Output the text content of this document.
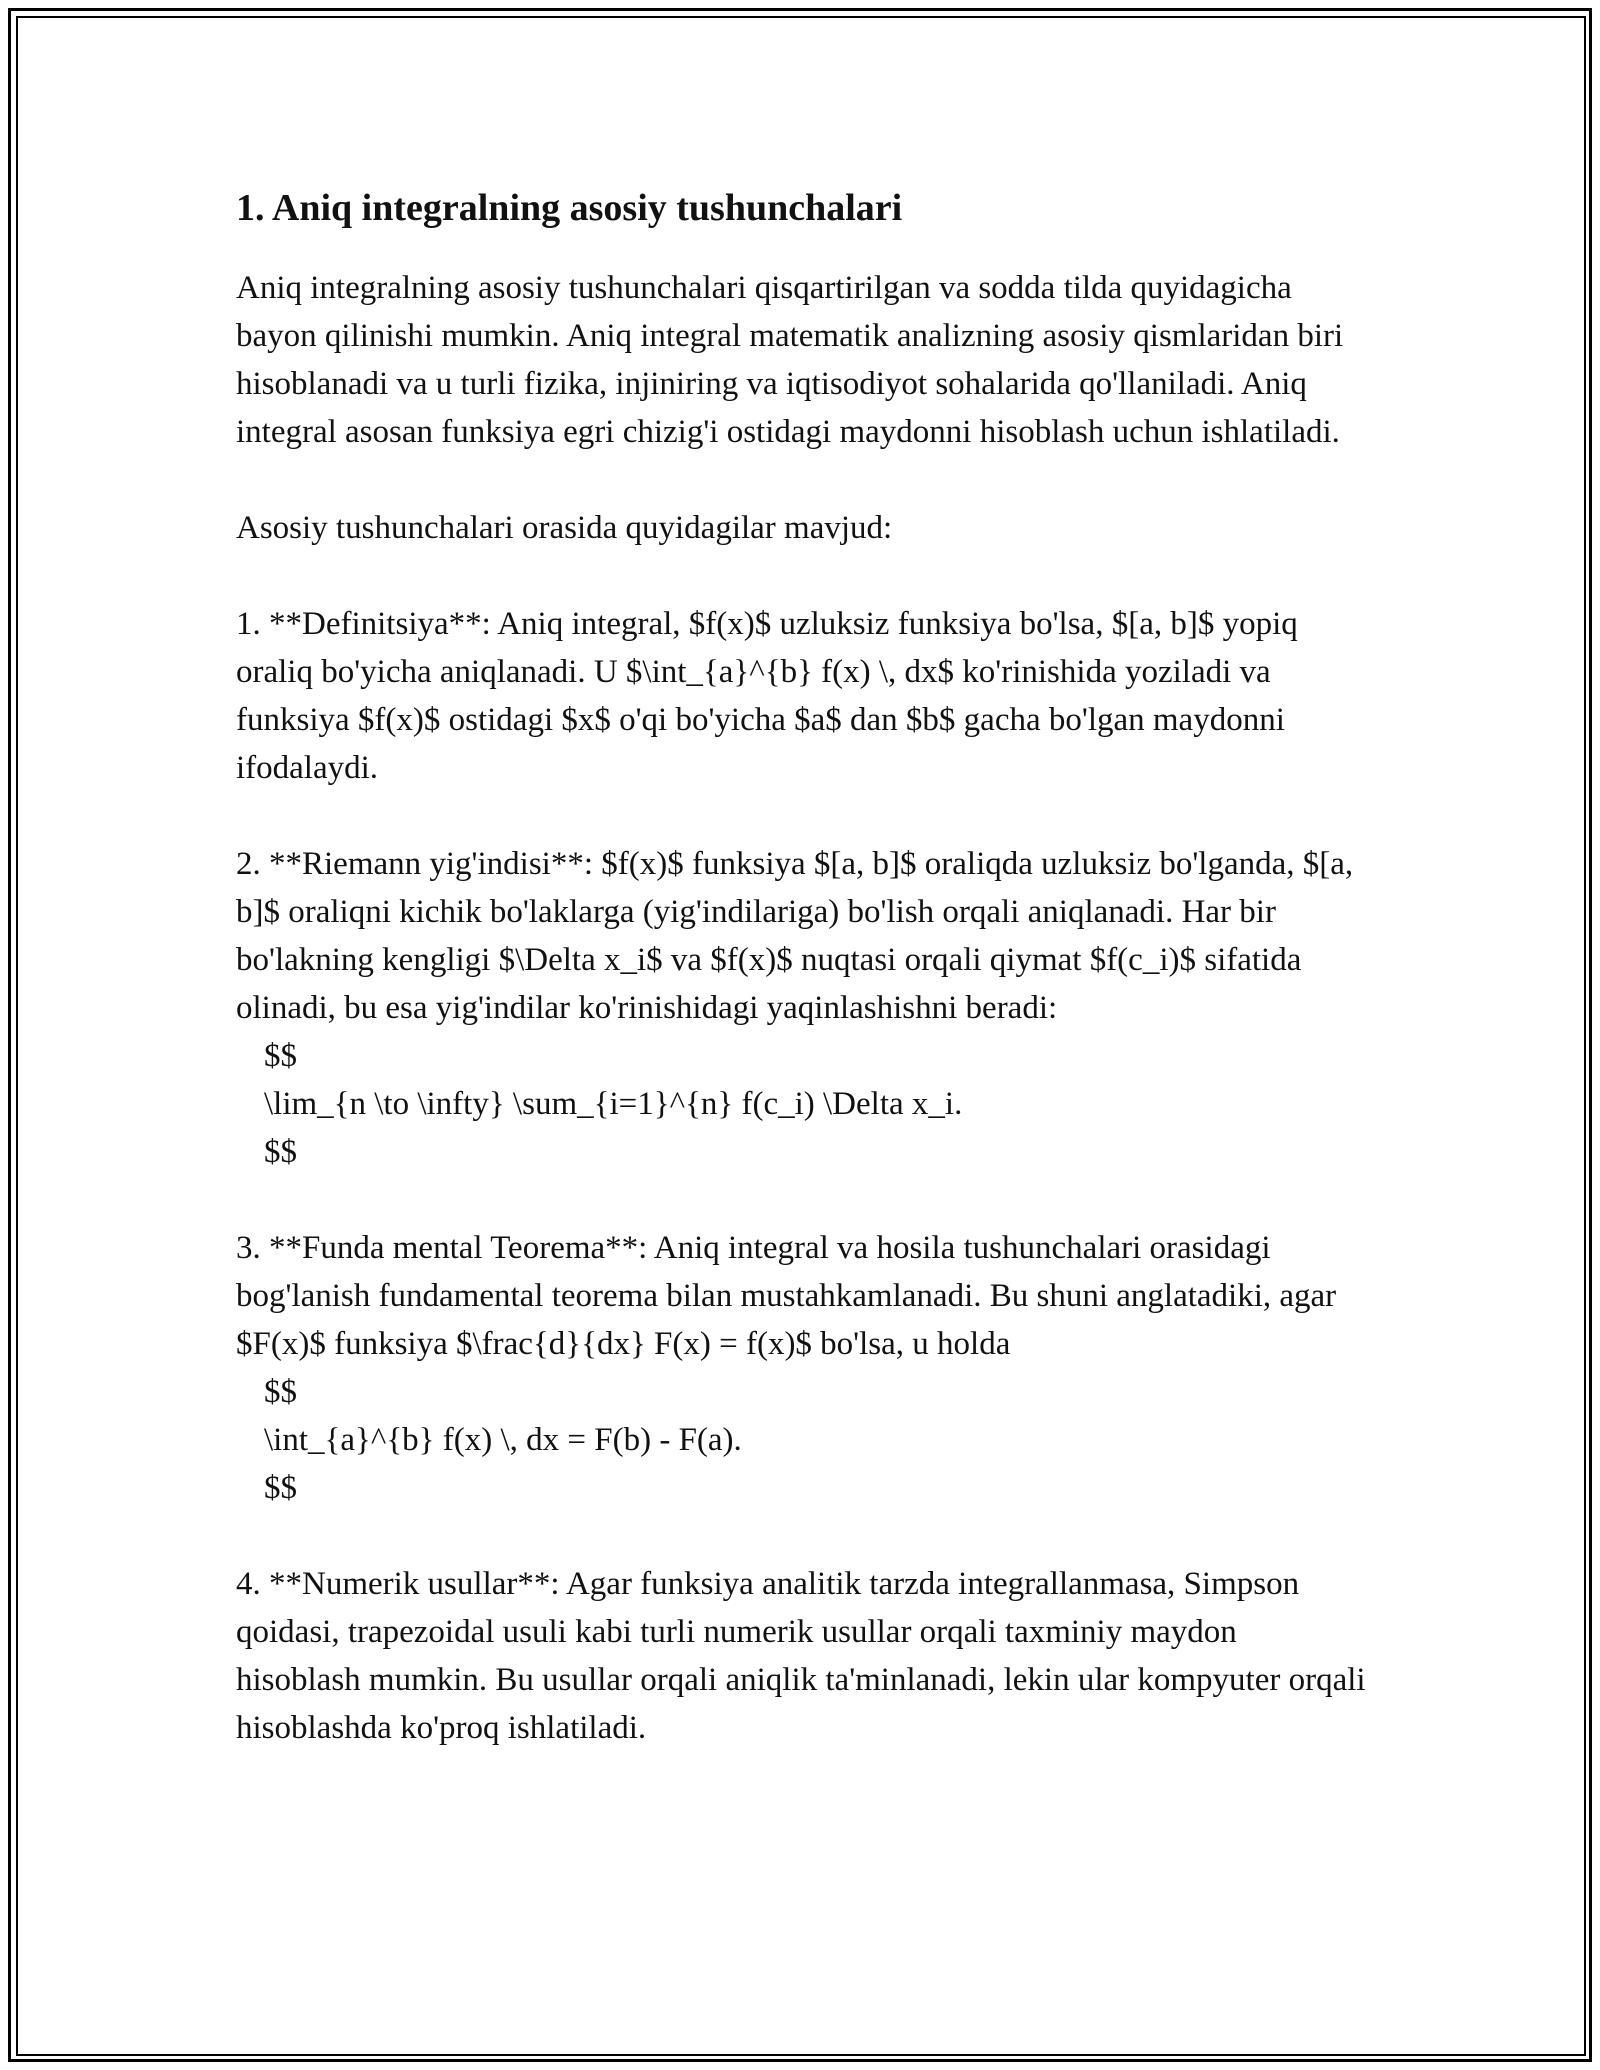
1. Aniq integralning asosiy tushunchalari

Aniq integralning asosiy tushunchalari qisqartirilgan va sodda tilda quyidagicha bayon qilinishi mumkin. Aniq integral matematik analizning asosiy qismlaridan biri hisoblanadi va u turli fizika, injiniring va iqtisodiyot sohalarida qo'llaniladi. Aniq integral asosan funksiya egri chizig'i ostidagi maydonni hisoblash uchun ishlatiladi.

Asosiy tushunchalari orasida quyidagilar mavjud:

1. **Definitsiya**: Aniq integral, $f(x)$ uzluksiz funksiya bo'lsa, $[a, b]$ yopiq oraliq bo'yicha aniqlanadi. U $\int_{a}^{b} f(x) \, dx$ ko'rinishida yoziladi va funksiya $f(x)$ ostidagi $x$ o'qi bo'yicha $a$ dan $b$ gacha bo'lgan maydonni ifodalaydi.

2. **Riemann yig'indisi**: $f(x)$ funksiya $[a, b]$ oraliqda uzluksiz bo'lganda, $[a, b]$ oraliqni kichik bo'laklarga (yig'indilariga) bo'lish orqali aniqlanadi. Har bir bo'lakning kengligi $\Delta x_i$ va $f(x)$ nuqtasi orqali qiymat $f(c_i)$ sifatida olinadi, bu esa yig'indilar ko'rinishidagi yaqinlashishni beradi:

$$
\lim_{n \to \infty} \sum_{i=1}^{n} f(c_i) \Delta x_i.
$$

3. **Funda mental Teorema**: Aniq integral va hosila tushunchalari orasidagi bog'lanish fundamental teorema bilan mustahkamlanadi. Bu shuni anglatadiki, agar $F(x)$ funksiya $\frac{d}{dx} F(x) = f(x)$ bo'lsa, u holda

$$
\int_{a}^{b} f(x) \, dx = F(b) - F(a).
$$

4. **Numerik usullar**: Agar funksiya analitik tarzda integrallanmasa, Simpson qoidasi, trapezoidal usuli kabi turli numerik usullar orqali taxminiy maydon hisoblash mumkin. Bu usullar orqali aniqlik ta'minlanadi, lekin ular kompyuter orqali hisoblashda ko'proq ishlatiladi.
